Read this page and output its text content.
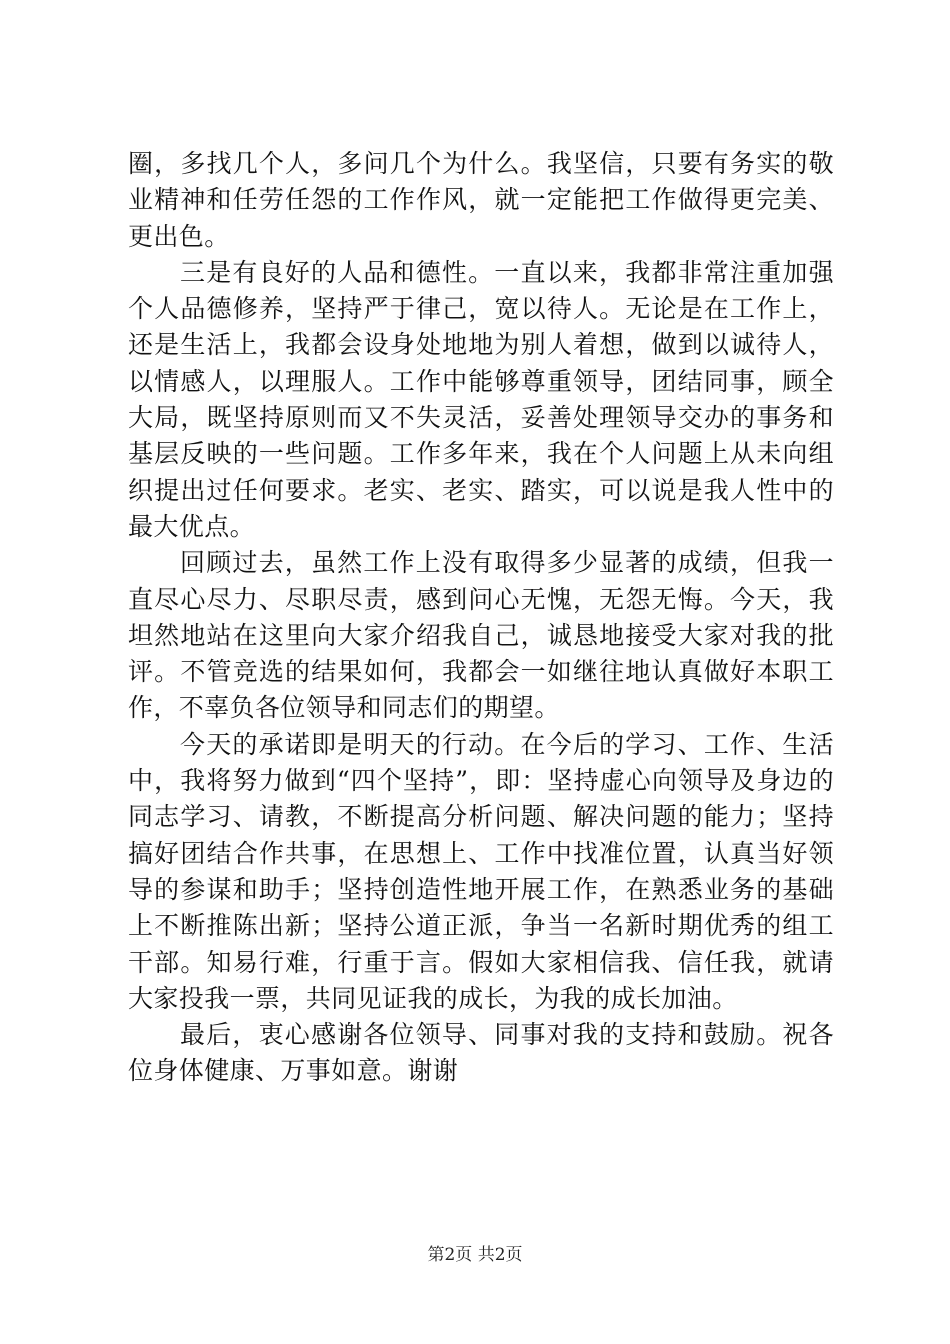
圈，多找几个人，多问几个为什么。我坚信，只要有务实的敬业精神和任劳任怨的工作作风，就一定能把工作做得更完美、更出色。

三是有良好的人品和德性。一直以来，我都非常注重加强个人品德修养，坚持严于律己，宽以待人。无论是在工作上，还是生活上，我都会设身处地地为别人着想，做到以诚待人，以情感人，以理服人。工作中能够尊重领导，团结同事，顾全大局，既坚持原则而又不失灵活，妥善处理领导交办的事务和基层反映的一些问题。工作多年来，我在个人问题上从未向组织提出过任何要求。老实、老实、踏实，可以说是我人性中的最大优点。

回顾过去，虽然工作上没有取得多少显著的成绩，但我一直尽心尽力、尽职尽责，感到问心无愧，无怨无悔。今天，我坦然地站在这里向大家介绍我自己，诚恳地接受大家对我的批评。不管竞选的结果如何，我都会一如继往地认真做好本职工作，不辜负各位领导和同志们的期望。

今天的承诺即是明天的行动。在今后的学习、工作、生活中，我将努力做到“四个坚持”，即：坚持虚心向领导及身边的同志学习、请教，不断提高分析问题、解决问题的能力；坚持搞好团结合作共事，在思想上、工作中找准位置，认真当好领导的参谋和助手；坚持创造性地开展工作，在熟悉业务的基础上不断推陈出新；坚持公道正派，争当一名新时期优秀的组工干部。知易行难，行重于言。假如大家相信我、信任我，就请大家投我一票，共同见证我的成长，为我的成长加油。

最后，衷心感谢各位领导、同事对我的支持和鼓励。祝各位身体健康、万事如意。谢谢

第2页 共2页
